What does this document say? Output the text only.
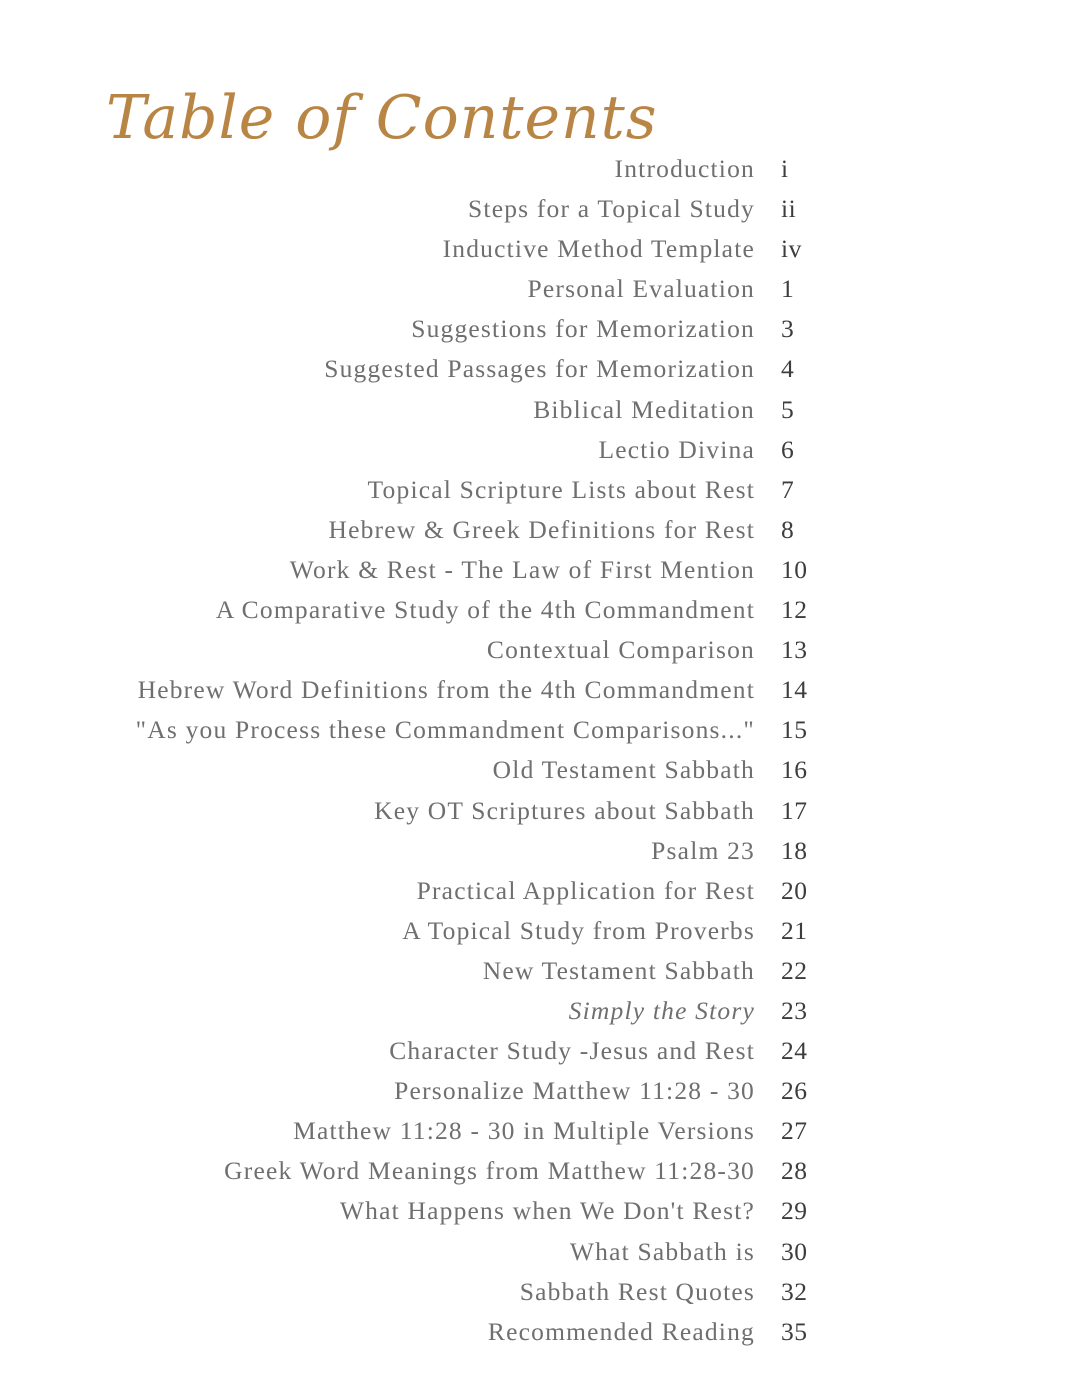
Table of Contents
Introduction i
Steps for a Topical Study ii
Inductive Method Template iv
Personal Evaluation 1
Suggestions for Memorization 3
Suggested Passages for Memorization 4
Biblical Meditation 5
Lectio Divina 6
Topical Scripture Lists about Rest 7
Hebrew & Greek Definitions for Rest 8
Work & Rest - The Law of First Mention 10
A Comparative Study of the 4th Commandment 12
Contextual Comparison 13
Hebrew Word Definitions from the 4th Commandment 14
"As you Process these Commandment Comparisons..." 15
Old Testament Sabbath 16
Key OT Scriptures about Sabbath 17
Psalm 23 18
Practical Application for Rest 20
A Topical Study from Proverbs 21
New Testament Sabbath 22
Simply the Story 23
Character Study -Jesus and Rest 24
Personalize Matthew 11:28 - 30 26
Matthew 11:28 - 30 in Multiple Versions 27
Greek Word Meanings from Matthew 11:28-30 28
What Happens when We Don't Rest? 29
What Sabbath is 30
Sabbath Rest Quotes 32
Recommended Reading 35
